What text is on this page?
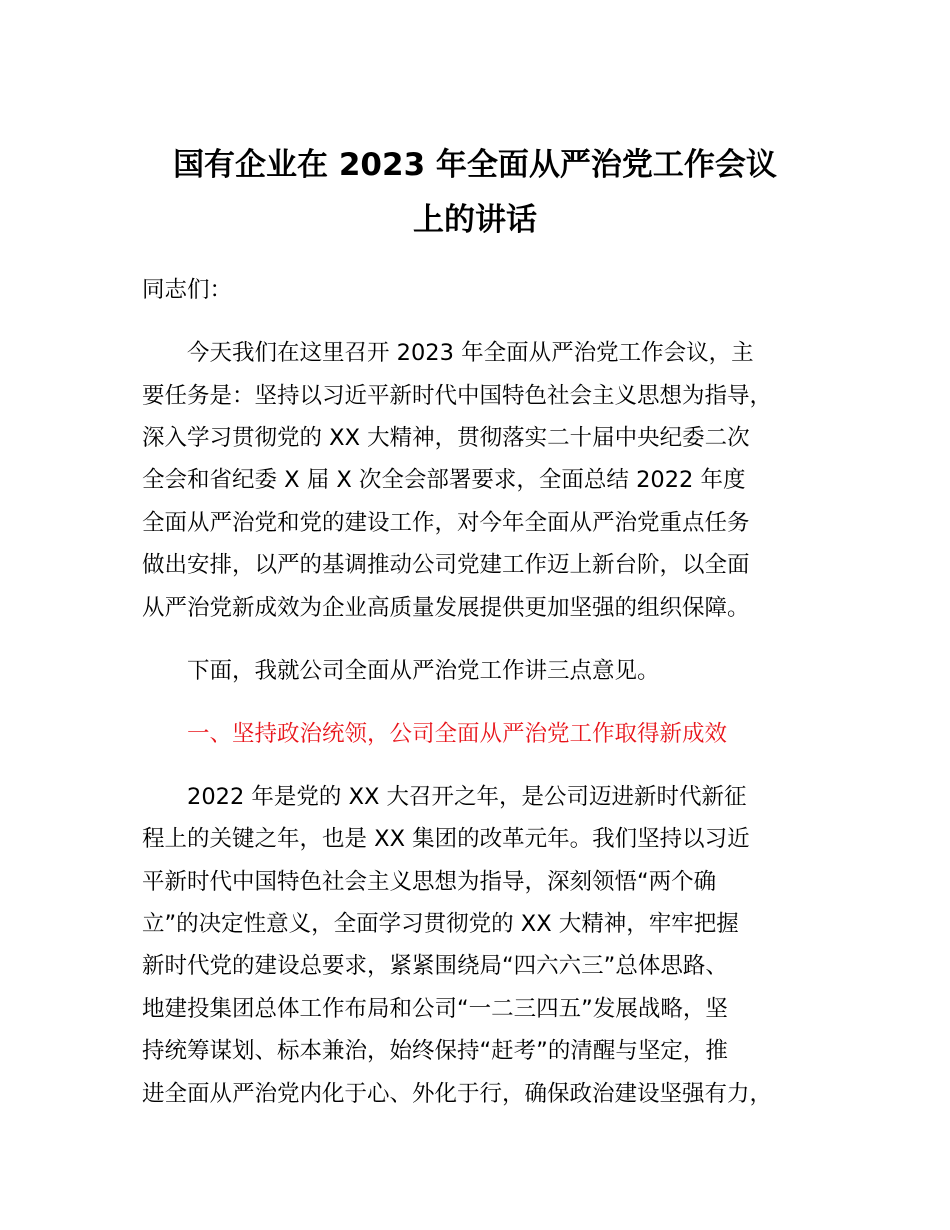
国有企业在 2023 年全面从严治党工作会议
上的讲话
同志们：
　　今天我们在这里召开 2023 年全面从严治党工作会议，主
要任务是：坚持以习近平新时代中国特色社会主义思想为指导，
深入学习贯彻党的 XX 大精神，贯彻落实二十届中央纪委二次
全会和省纪委 X 届 X 次全会部署要求，全面总结 2022 年度
全面从严治党和党的建设工作，对今年全面从严治党重点任务
做出安排，以严的基调推动公司党建工作迈上新台阶，以全面
从严治党新成效为企业高质量发展提供更加坚强的组织保障。
　　下面，我就公司全面从严治党工作讲三点意见。
　　一、坚持政治统领，公司全面从严治党工作取得新成效
　　2022 年是党的 XX 大召开之年，是公司迈进新时代新征
程上的关键之年，也是 XX 集团的改革元年。我们坚持以习近
平新时代中国特色社会主义思想为指导，深刻领悟“两个确
立”的决定性意义，全面学习贯彻党的 XX 大精神，牢牢把握
新时代党的建设总要求，紧紧围绕局“四六六三”总体思路、
地建投集团总体工作布局和公司“一二三四五”发展战略，坚
持统筹谋划、标本兼治，始终保持“赶考”的清醒与坚定，推
进全面从严治党内化于心、外化于行，确保政治建设坚强有力，
